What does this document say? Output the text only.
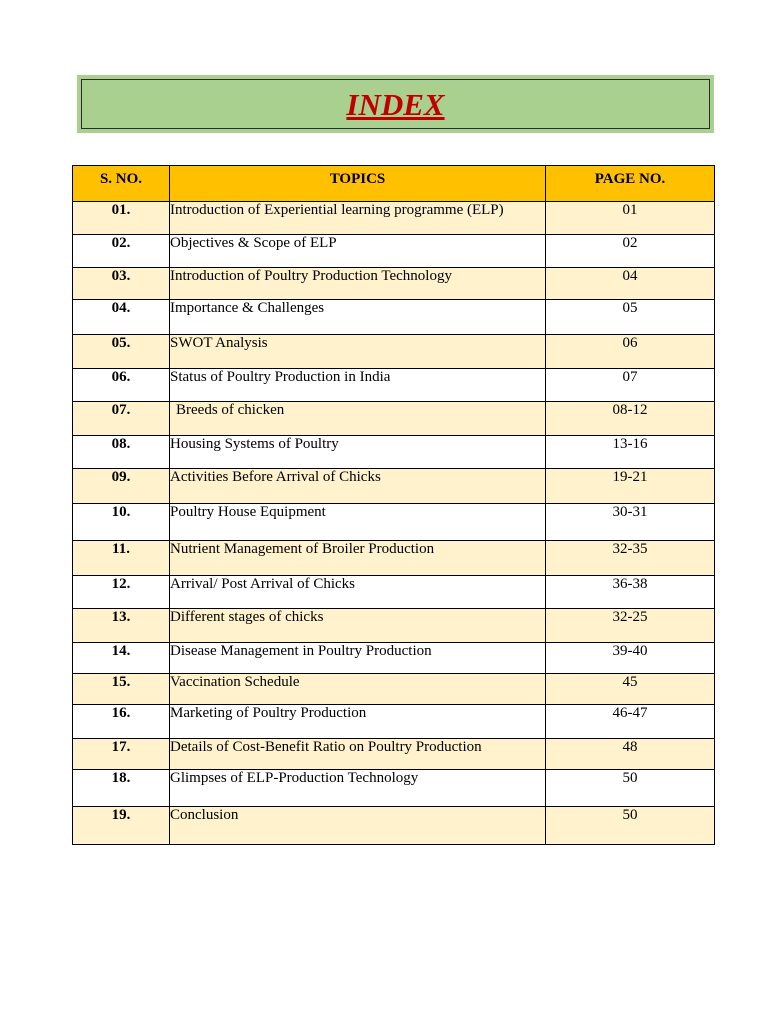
INDEX
S. NO.	TOPICS	PAGE NO.
01.	Introduction of Experiential learning programme (ELP)	01
02.	Objectives & Scope of ELP	02
03.	Introduction of Poultry Production Technology	04
04.	Importance & Challenges	05
05.	SWOT Analysis	06
06.	Status of Poultry Production in India	07
07.	Breeds of chicken	08-12
08.	Housing Systems of Poultry	13-16
09.	Activities Before Arrival of Chicks	19-21
10.	Poultry House Equipment	30-31
11.	Nutrient Management of Broiler Production	32-35
12.	Arrival/ Post Arrival of Chicks	36-38
13.	Different stages of chicks	32-25
14.	Disease Management in Poultry Production	39-40
15.	Vaccination Schedule	45
16.	Marketing of Poultry Production	46-47
17.	Details of Cost-Benefit Ratio on Poultry Production	48
18.	Glimpses of ELP-Production Technology	50
19.	Conclusion	50
